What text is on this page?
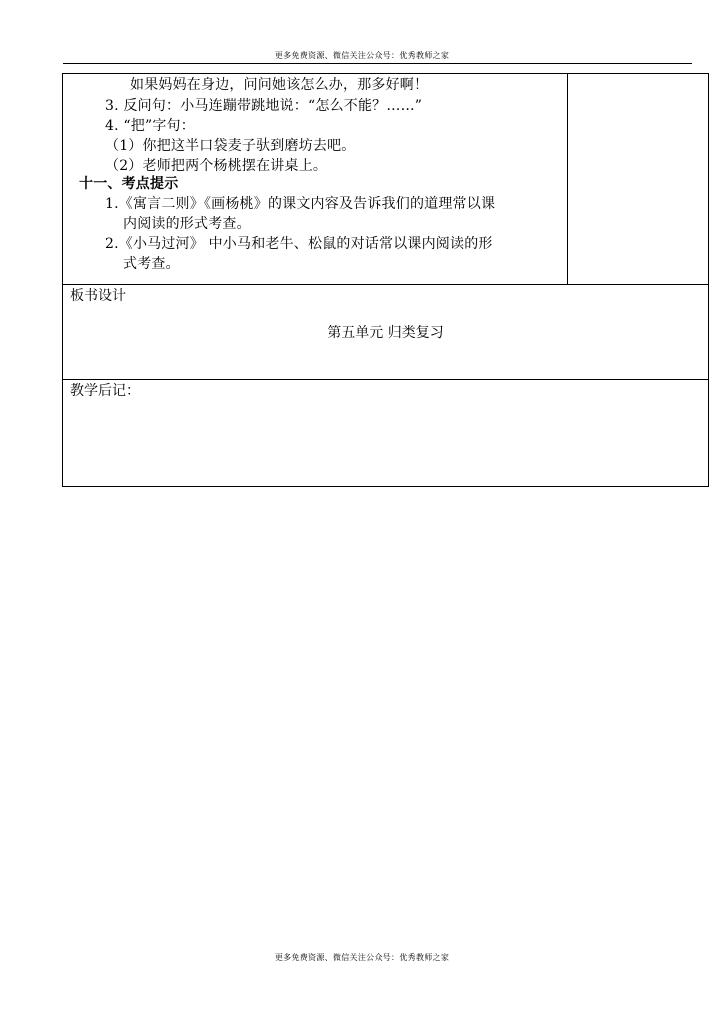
更多免费资源、微信关注公众号：优秀教师之家
如果妈妈在身边，问问她该怎么办，那多好啊！
3. 反问句：小马连蹦带跳地说：“怎么不能？……”
4. “把”字句：
（1）你把这半口袋麦子驮到磨坊去吧。
（2）老师把两个杨桃摆在讲桌上。
十一、考点提示
1.《寓言二则》《画杨桃》的课文内容及告诉我们的道理常以课
内阅读的形式考查。
2.《小马过河》 中小马和老牛、松鼠的对话常以课内阅读的形
式考查。
板书设计
第五单元 归类复习
教学后记：
更多免费资源、微信关注公众号：优秀教师之家
